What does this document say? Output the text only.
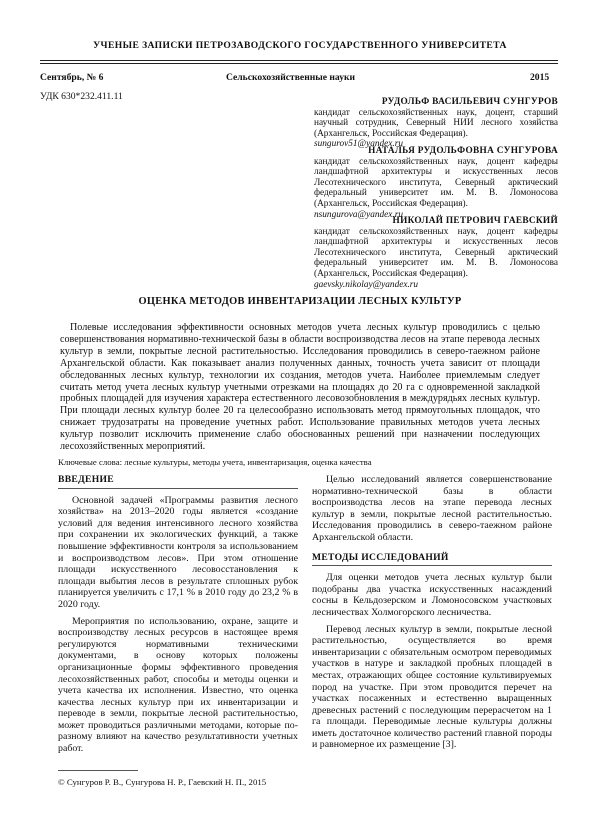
УЧЕНЫЕ ЗАПИСКИ ПЕТРОЗАВОДСКОГО ГОСУДАРСТВЕННОГО УНИВЕРСИТЕТА
Сентябрь, № 6	Сельскохозяйственные науки	2015
УДК 630*232.411.11	РУДОЛЬФ ВАСИЛЬЕВИЧ СУНГУРОВ
кандидат сельскохозяйственных наук, доцент, старший научный сотрудник, Северный НИИ лесного хозяйства (Архангельск, Российская Федерация).
sungurov51@yandex.ru
НАТАЛЬЯ РУДОЛЬФОВНА СУНГУРОВА
кандидат сельскохозяйственных наук, доцент кафедры ландшафтной архитектуры и искусственных лесов Лесотехнического института, Северный арктический федеральный университет им. М. В. Ломоносова (Архангельск, Российская Федерация).
nsungurova@yandex.ru
НИКОЛАЙ ПЕТРОВИЧ ГАЕВСКИЙ
кандидат сельскохозяйственных наук, доцент кафедры ландшафтной архитектуры и искусственных лесов Лесотехнического института, Северный арктический федеральный университет им. М. В. Ломоносова (Архангельск, Российская Федерация).
gaevsky.nikolay@yandex.ru
ОЦЕНКА МЕТОДОВ ИНВЕНТАРИЗАЦИИ ЛЕСНЫХ КУЛЬТУР

Полевые исследования эффективности основных методов учета лесных культур проводились с целью совершенствования нормативно-технической базы в области воспроизводства лесов на этапе перевода лесных культур в земли, покрытые лесной растительностью. Исследования проводились в северо-таежном районе Архангельской области. Как показывает анализ полученных данных, точность учета зависит от площади обследованных лесных культур, технологии их создания, методов учета. Наиболее приемлемым следует считать метод учета лесных культур учетными отрезками на площадях до 20 га с одновременной закладкой пробных площадей для изучения характера естественного лесовозобновления в междурядьях лесных культур. При площади лесных культур более 20 га целесообразно использовать метод прямоугольных площадок, что снижает трудозатраты на проведение учетных работ. Использование правильных методов учета лесных культур позволит исключить применение слабо обоснованных решений при назначении последующих лесохозяйственных мероприятий.

Ключевые слова: лесные культуры, методы учета, инвентаризация, оценка качества
ВВЕДЕНИЕ

Основной задачей «Программы развития лесного хозяйства» на 2013–2020 годы является «создание условий для ведения интенсивного лесного хозяйства при сохранении их экологических функций, а также повышение эффективности контроля за использованием и воспроизводством лесов». При этом отношение площади искусственного лесовосстановления к площади выбытия лесов в результате сплошных рубок планируется увеличить с 17,1 % в 2010 году до 23,2 % в 2020 году.

Мероприятия по использованию, охране, защите и воспроизводству лесных ресурсов в настоящее время регулируются нормативными техническими документами, в основу которых положены организационные формы эффективного проведения лесохозяйственных работ, способы и методы оценки и учета качества их исполнения. Известно, что оценка качества лесных культур при их инвентаризации и переводе в земли, покрытые лесной растительностью, может проводиться различными методами, которые по-разному влияют на качество результативности учетных работ.

Целью исследований является совершенствование нормативно-технической базы в области воспроизводства лесов на этапе перевода лесных культур в земли, покрытые лесной растительностью. Исследования проводились в северо-таежном районе Архангельской области.

МЕТОДЫ ИССЛЕДОВАНИЙ

Для оценки методов учета лесных культур были подобраны два участка искусственных насаждений сосны в Кельдозерском и Ломоносовском участковых лесничествах Холмогорского лесничества.

Перевод лесных культур в земли, покрытые лесной растительностью, осуществляется во время инвентаризации с обязательным осмотром переводимых участков в натуре и закладкой пробных площадей в местах, отражающих общее состояние культивируемых пород на участке. При этом проводится перечет на участках посаженных и естественно выращенных древесных растений с последующим перерасчетом на 1 га площади. Переводимые лесные культуры должны иметь достаточное количество растений главной породы и равномерное их размещение [3].

© Сунгуров Р. В., Сунгурова Н. Р., Гаевский Н. П., 2015
